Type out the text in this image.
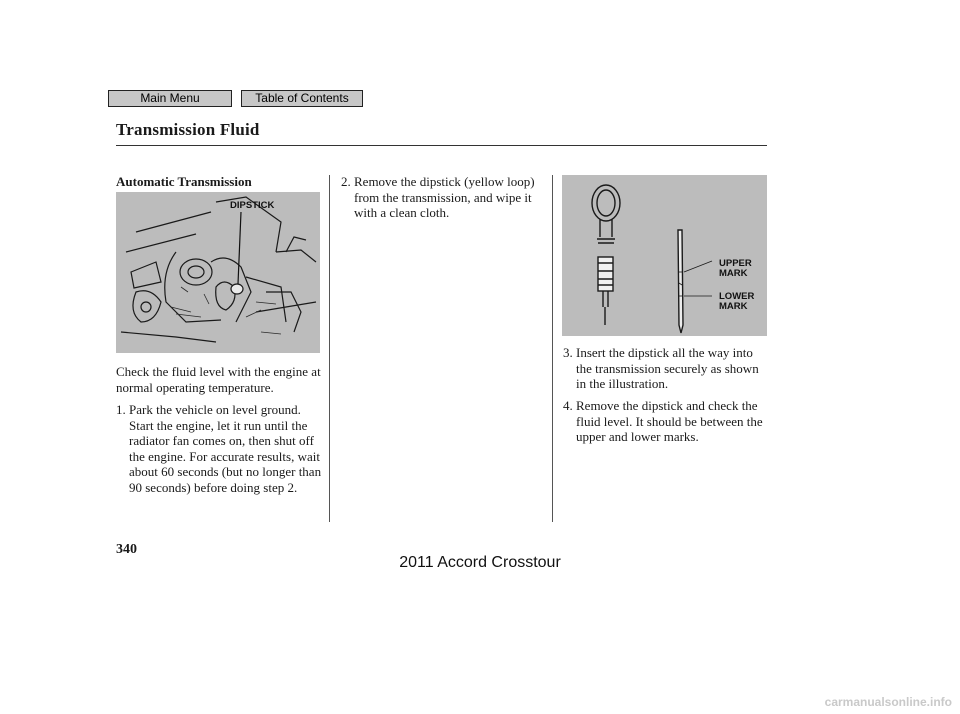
Main Menu	Table of Contents
Transmission Fluid
Automatic Transmission
DIPSTICK
Check the fluid level with the engine at normal operating temperature.
1. Park the vehicle on level ground. Start the engine, let it run until the radiator fan comes on, then shut off the engine. For accurate results, wait about 60 seconds (but no longer than 90 seconds) before doing step 2.
2. Remove the dipstick (yellow loop) from the transmission, and wipe it with a clean cloth.
UPPER
MARK
LOWER
MARK
3. Insert the dipstick all the way into the transmission securely as shown in the illustration.
4. Remove the dipstick and check the fluid level. It should be between the upper and lower marks.
340
2011 Accord Crosstour
carmanualsonline.info
